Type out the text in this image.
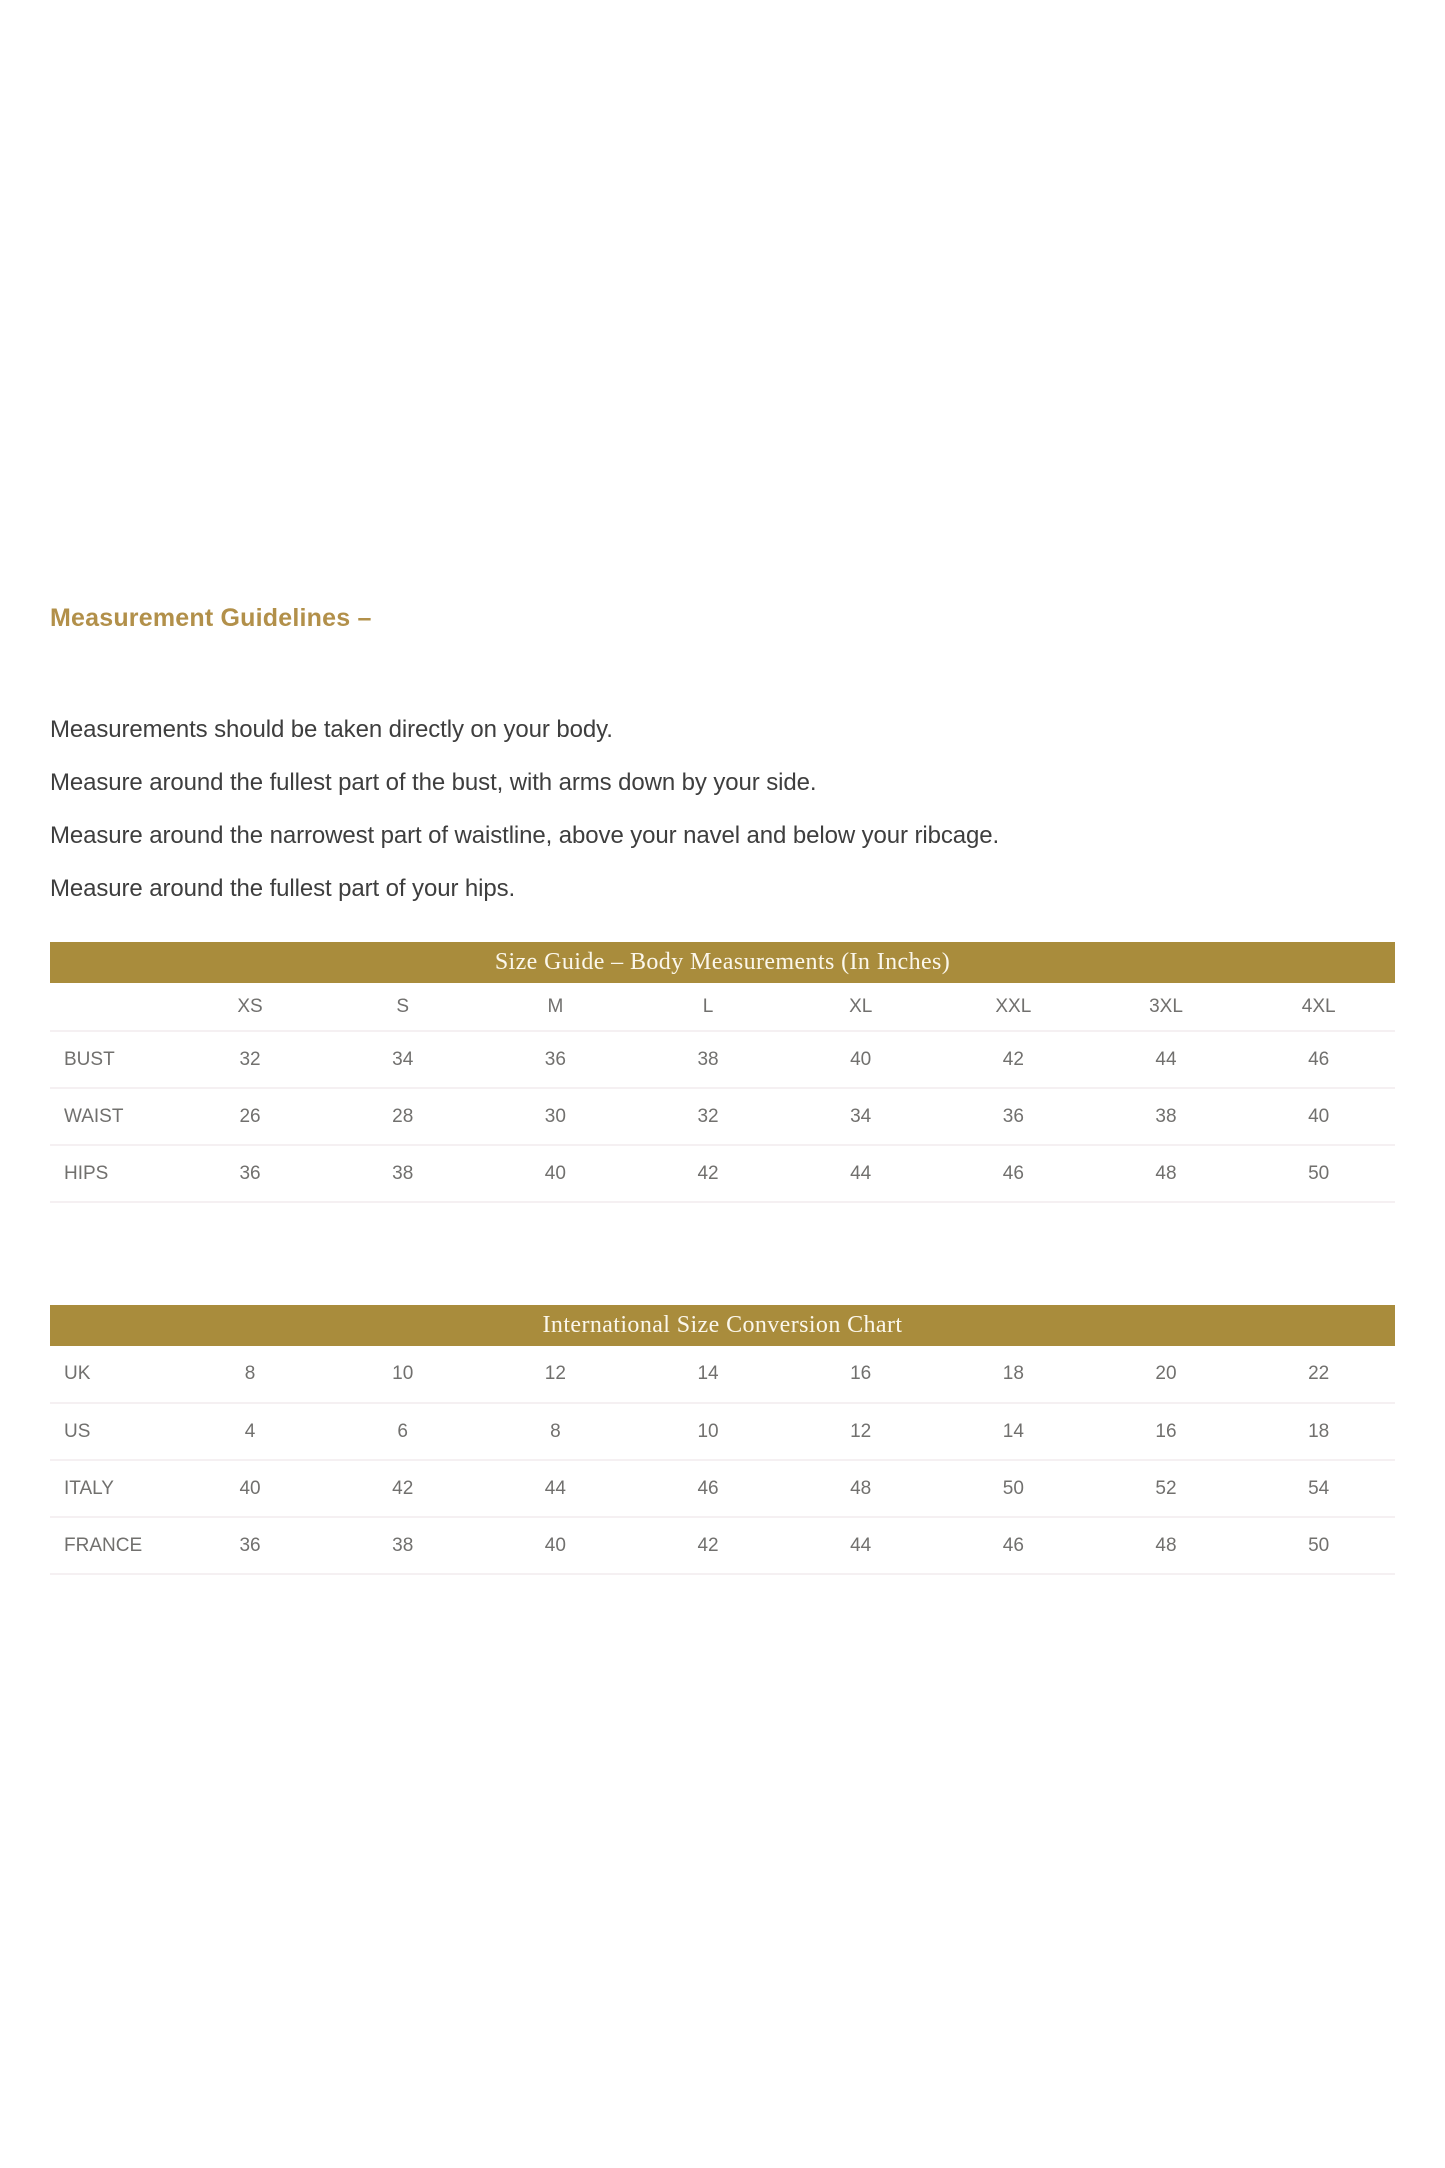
Measurement Guidelines –

Measurements should be taken directly on your body.

Measure around the fullest part of the bust, with arms down by your side.

Measure around the narrowest part of waistline, above your navel and below your ribcage.

Measure around the fullest part of your hips.

Size Guide – Body Measurements (In Inches)
	XS	S	M	L	XL	XXL	3XL	4XL
BUST	32	34	36	38	40	42	44	46
WAIST	26	28	30	32	34	36	38	40
HIPS	36	38	40	42	44	46	48	50
International Size Conversion Chart
UK	8	10	12	14	16	18	20	22
US	4	6	8	10	12	14	16	18
ITALY	40	42	44	46	48	50	52	54
FRANCE	36	38	40	42	44	46	48	50
